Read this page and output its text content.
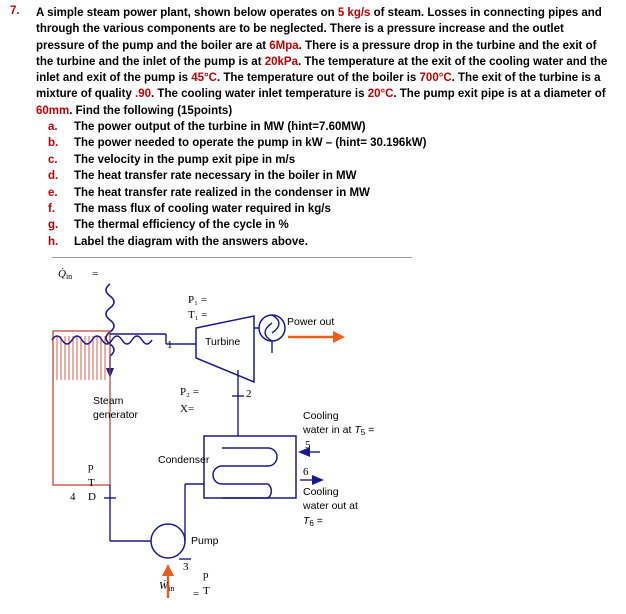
7. A simple steam power plant, shown below operates on 5 kg/s of steam. Losses in connecting pipes and through the various components are to be neglected. There is a pressure increase and the outlet pressure of the pump and the boiler are at 6Mpa. There is a pressure drop in the turbine and the exit of the turbine and the inlet of the pump is at 20kPa. The temperature at the exit of the cooling water and the inlet and exit of the pump is 45°C. The temperature out of the boiler is 700°C. The exit of the turbine is a mixture of quality .90. The cooling water inlet temperature is 20°C. The pump exit pipe is at a diameter of 60mm. Find the following (15points)
a.	The power output of the turbine in MW (hint=7.60MW)
b.	The power needed to operate the pump in kW – (hint= 30.196kW)
c.	The velocity in the pump exit pipe in m/s
d.	The heat transfer rate necessary in the boiler in MW
e.	The heat transfer rate realized in the condenser in MW
f.	The mass flux of cooling water required in kg/s
g.	The thermal efficiency of the cycle in %
h.	Label the diagram with the answers above.
$Q̇_{in}$ =
P₁ =
T₁ =
1	Turbine
Power out
P₂ =
X=
2
Steam
generator
Condenser
Cooling
water in at $T_5$ =
5
6
Cooling
water out at
$T_6$ =
p
T
4 D
Pump
3
p
T
$Ẇ_{in}$ =
